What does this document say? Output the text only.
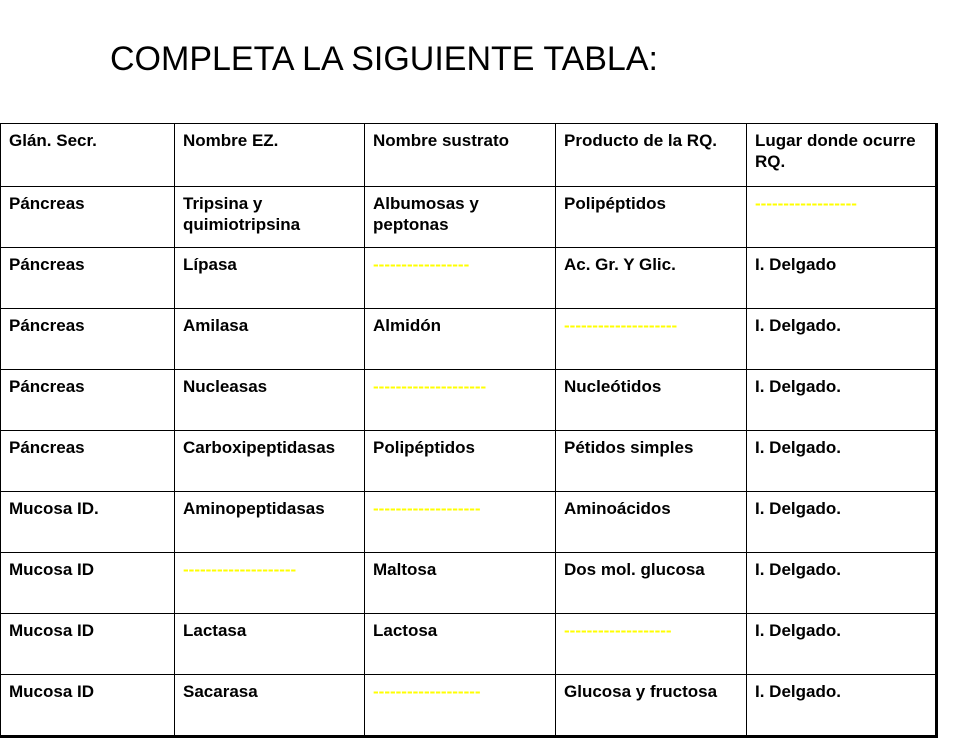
COMPLETA LA SIGUIENTE TABLA:
Glán. Secr.	Nombre EZ.	Nombre sustrato	Producto de la RQ.	Lugar donde ocurre RQ.
Páncreas	Tripsina y quimiotripsina	Albumosas y peptonas	Polipéptidos	------------------
Páncreas	Lípasa	-----------------	Ac. Gr. Y Glic.	I. Delgado
Páncreas	Amilasa	Almidón	--------------------	I. Delgado.
Páncreas	Nucleasas	--------------------	Nucleótidos	I. Delgado.
Páncreas	Carboxipeptidasas	Polipéptidos	Pétidos simples	I. Delgado.
Mucosa ID.	Aminopeptidasas	-------------------	Aminoácidos	I. Delgado.
Mucosa ID	--------------------	Maltosa	Dos mol. glucosa	I. Delgado.
Mucosa ID	Lactasa	Lactosa	-------------------	I. Delgado.
Mucosa ID	Sacarasa	-------------------	Glucosa y fructosa	I. Delgado.
